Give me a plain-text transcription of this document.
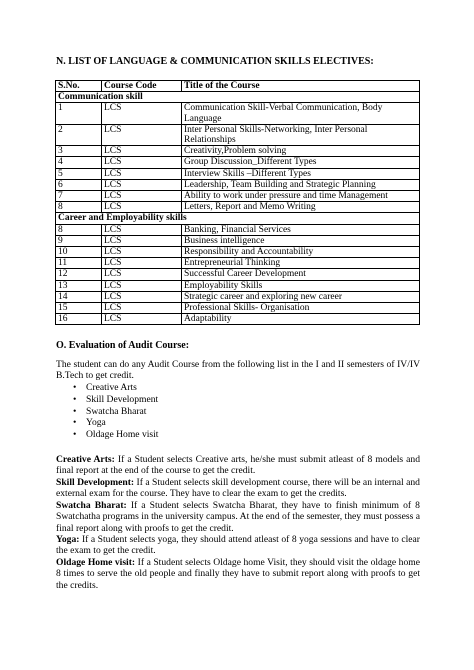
N. LIST OF LANGUAGE & COMMUNICATION SKILLS ELECTIVES:
S.No.	Course Code	Title of the Course
Communication skill		
1	LCS	Communication Skill-Verbal Communication, Body Language
2	LCS	Inter Personal Skills-Networking, Inter Personal Relationships
3	LCS	Creativity,Problem solving
4	LCS	Group Discussion_Different Types
5	LCS	Interview Skills –Different Types
6	LCS	Leadership, Team Building and Strategic Planning
7	LCS	Ability to work under pressure and time Management
8	LCS	Letters, Report and Memo Writing
Career and Employability skills		
8	LCS	Banking, Financial Services
9	LCS	Business intelligence
10	LCS	Responsibility and Accountability
11	LCS	Entrepreneurial Thinking
12	LCS	Successful Career Development
13	LCS	Employability Skills
14	LCS	Strategic career and exploring new career
15	LCS	Professional Skills- Organisation
16	LCS	Adaptability
O. Evaluation of Audit Course:
The student can do any Audit Course from the following list in the I and II semesters of IV/IV B.Tech to get credit.
• Creative Arts
• Skill Development
• Swatcha Bharat
• Yoga
• Oldage Home visit
Creative Arts: If a Student selects Creative arts, he/she must submit atleast of 8 models and final report at the end of the course to get the credit.
Skill Development: If a Student selects skill development course, there will be an internal and external exam for the course. They have to clear the exam to get the credits.
Swatcha Bharat: If a Student selects Swatcha Bharat, they have to finish minimum of 8 Swatchatha programs in the university campus. At the end of the semester, they must possess a final report along with proofs to get the credit.
Yoga: If a Student selects yoga, they should attend atleast of 8 yoga sessions and have to clear the exam to get the credit.
Oldage Home visit: If a Student selects Oldage home Visit, they should visit the oldage home 8 times to serve the old people and finally they have to submit report along with proofs to get the credits.
